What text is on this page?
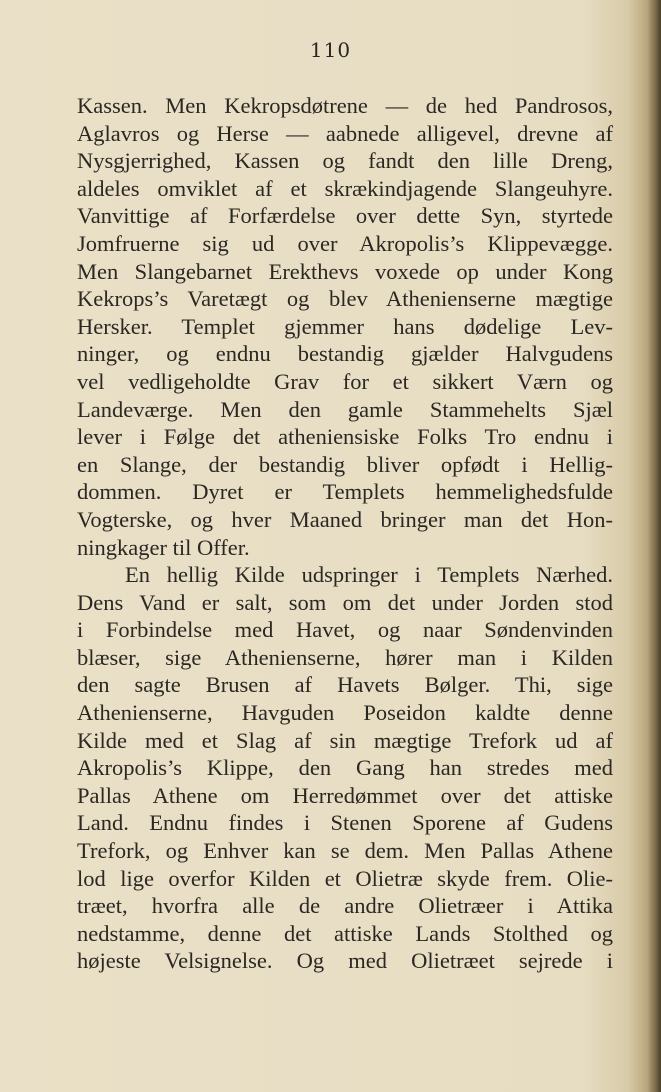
110
Kassen. Men Kekropsdøtrene — de hed Pandrosos,
Aglavros og Herse — aabnede alligevel, drevne af
Nysgjerrighed, Kassen og fandt den lille Dreng,
aldeles omviklet af et skrækindjagende Slangeuhyre.
Vanvittige af Forfærdelse over dette Syn, styrtede
Jomfruerne sig ud over Akropolis’s Klippevægge.
Men Slangebarnet Erekthevs voxede op under Kong
Kekrops’s Varetægt og blev Athenienserne mægtige
Hersker. Templet gjemmer hans dødelige Lev-
ninger, og endnu bestandig gjælder Halvgudens
vel vedligeholdte Grav for et sikkert Værn og
Landeværge. Men den gamle Stammehelts Sjæl
lever i Følge det atheniensiske Folks Tro endnu i
en Slange, der bestandig bliver opfødt i Hellig-
dommen. Dyret er Templets hemmelighedsfulde
Vogterske, og hver Maaned bringer man det Hon-
ningkager til Offer.
En hellig Kilde udspringer i Templets Nærhed.
Dens Vand er salt, som om det under Jorden stod
i Forbindelse med Havet, og naar Søndenvinden
blæser, sige Athenienserne, hører man i Kilden
den sagte Brusen af Havets Bølger. Thi, sige
Athenienserne, Havguden Poseidon kaldte denne
Kilde med et Slag af sin mægtige Trefork ud af
Akropolis’s Klippe, den Gang han stredes med
Pallas Athene om Herredømmet over det attiske
Land. Endnu findes i Stenen Sporene af Gudens
Trefork, og Enhver kan se dem. Men Pallas Athene
lod lige overfor Kilden et Olietræ skyde frem. Olie-
træet, hvorfra alle de andre Olietræer i Attika
nedstamme, denne det attiske Lands Stolthed og
højeste Velsignelse. Og med Olietræet sejrede i
